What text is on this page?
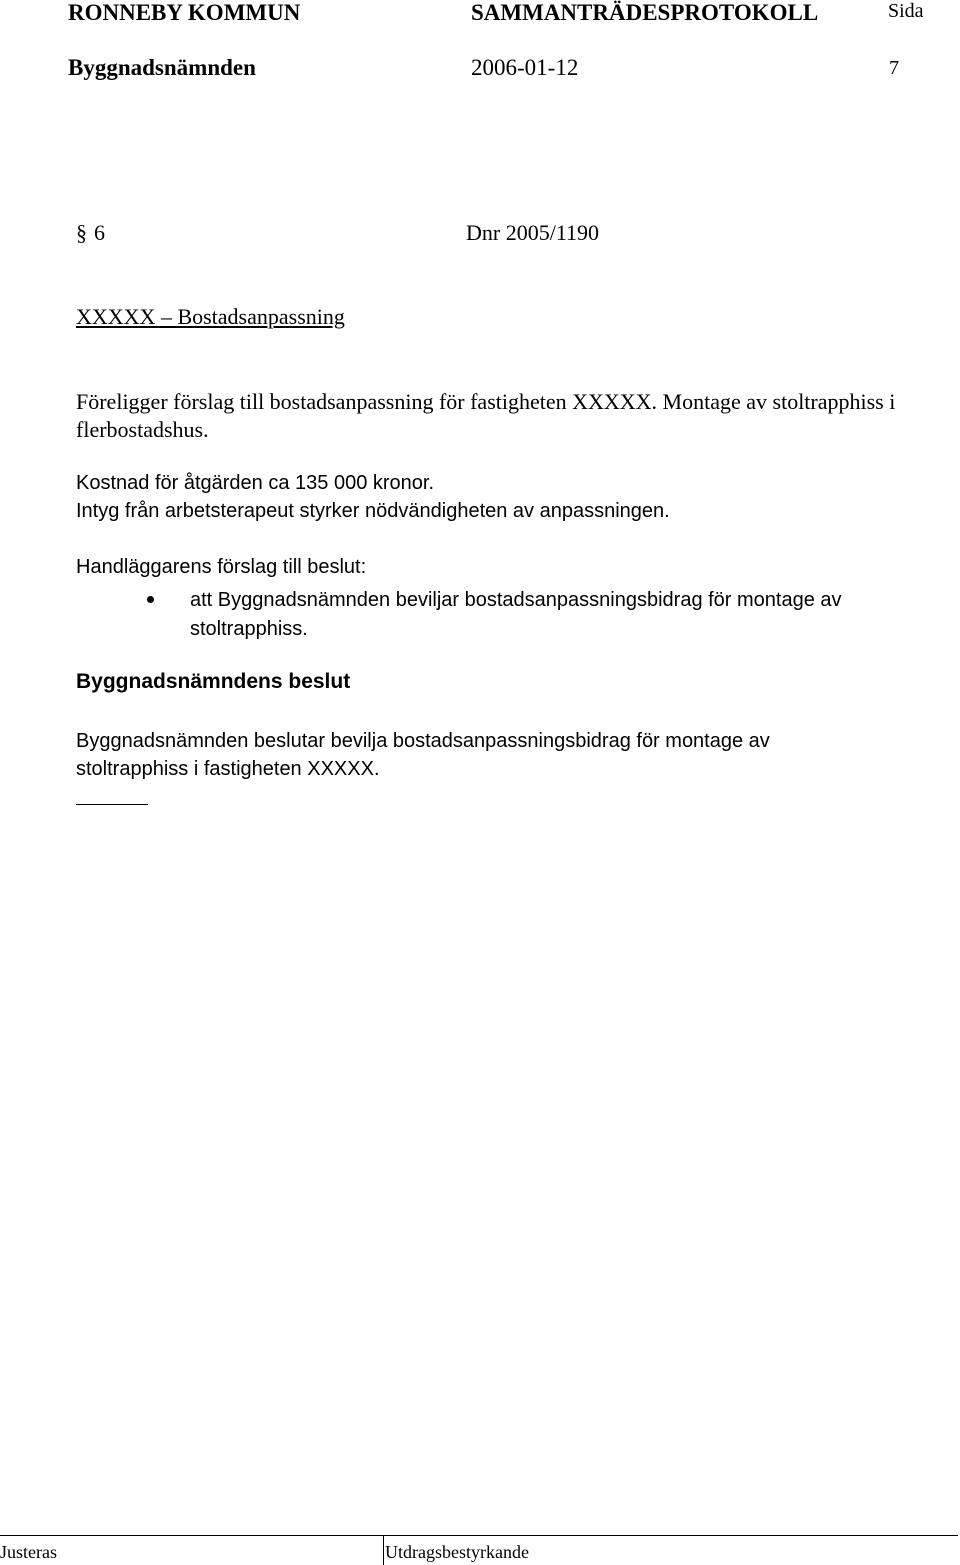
RONNEBY KOMMUN	SAMMANTRÄDESPROTOKOLL	Sida
Byggnadsnämnden	2006-01-12	7
§ 6	Dnr 2005/1190
XXXXX – Bostadsanpassning
Föreligger förslag till bostadsanpassning för fastigheten XXXXX. Montage av stoltrapphiss i flerbostadshus.
Kostnad för åtgärden ca 135 000 kronor.
Intyg från arbetsterapeut styrker nödvändigheten av anpassningen.
Handläggarens förslag till beslut:
att Byggnadsnämnden beviljar bostadsanpassningsbidrag för montage av stoltrapphiss.
Byggnadsnämndens beslut
Byggnadsnämnden beslutar bevilja bostadsanpassningsbidrag för montage av stoltrapphiss i fastigheten XXXXX.
Justeras	Utdragsbestyrkande
